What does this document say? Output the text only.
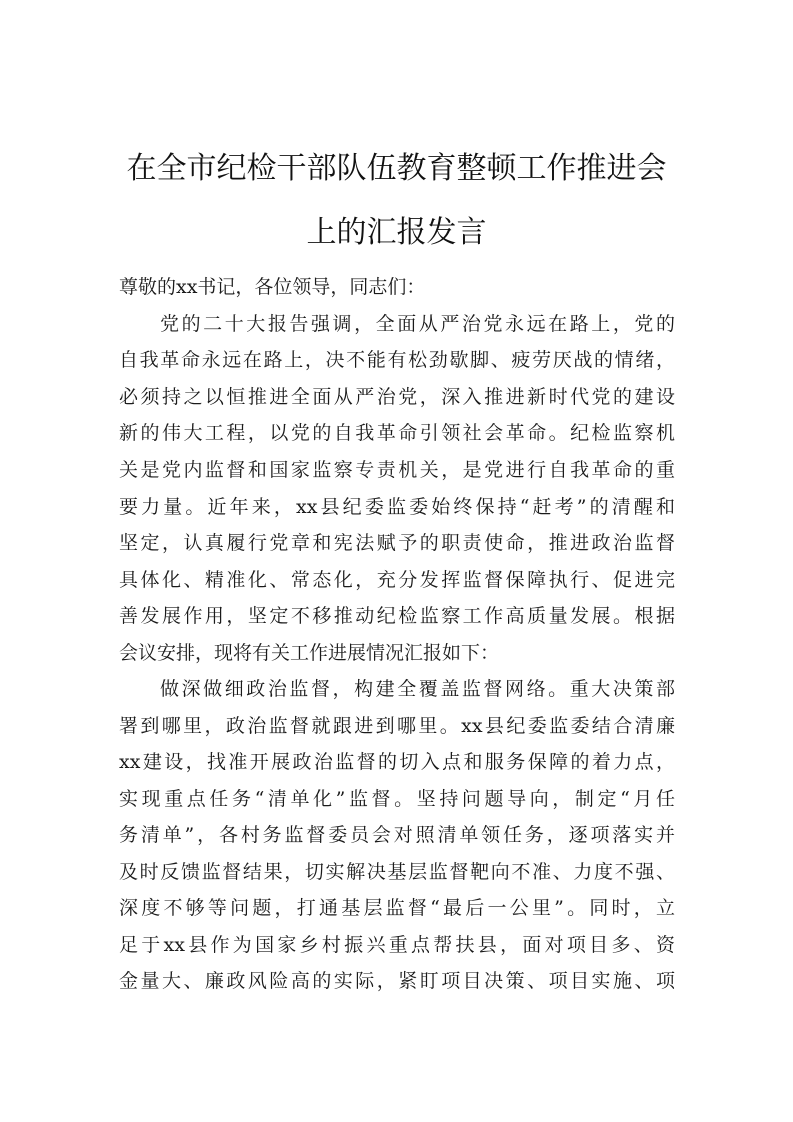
在全市纪检干部队伍教育整顿工作推进会
上的汇报发言
尊敬的xx书记，各位领导，同志们：
党的二十大报告强调，全面从严治党永远在路上，党的
自我革命永远在路上，决不能有松劲歇脚、疲劳厌战的情绪，
必须持之以恒推进全面从严治党，深入推进新时代党的建设
新的伟大工程，以党的自我革命引领社会革命。纪检监察机
关是党内监督和国家监察专责机关，是党进行自我革命的重
要力量。近年来，xx县纪委监委始终保持“赶考”的清醒和
坚定，认真履行党章和宪法赋予的职责使命，推进政治监督
具体化、精准化、常态化，充分发挥监督保障执行、促进完
善发展作用，坚定不移推动纪检监察工作高质量发展。根据
会议安排，现将有关工作进展情况汇报如下：
做深做细政治监督，构建全覆盖监督网络。重大决策部
署到哪里，政治监督就跟进到哪里。xx县纪委监委结合清廉
xx建设，找准开展政治监督的切入点和服务保障的着力点，
实现重点任务“清单化”监督。坚持问题导向，制定“月任
务清单”，各村务监督委员会对照清单领任务，逐项落实并
及时反馈监督结果，切实解决基层监督靶向不准、力度不强、
深度不够等问题，打通基层监督“最后一公里”。同时，立
足于xx县作为国家乡村振兴重点帮扶县，面对项目多、资
金量大、廉政风险高的实际，紧盯项目决策、项目实施、项
